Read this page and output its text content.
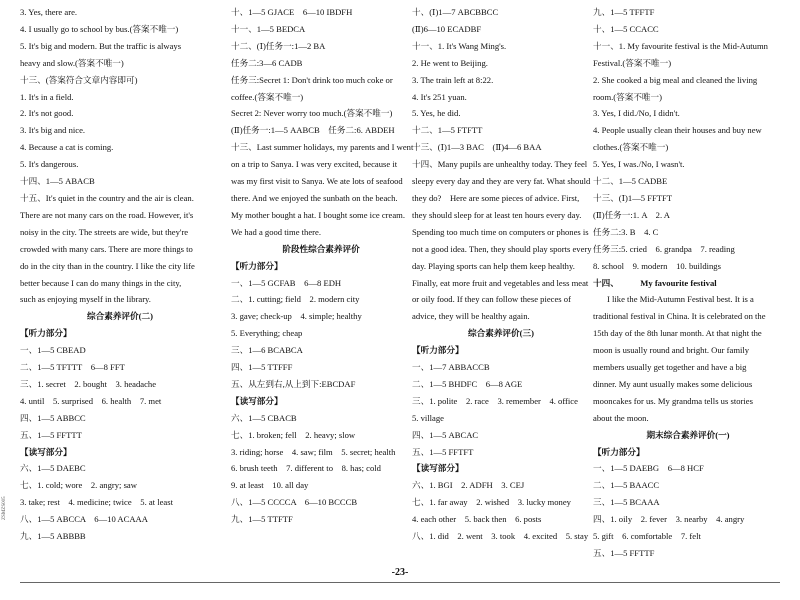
3. Yes, there are.
4. I usually go to school by bus.(答案不唯一)
5. It's big and modern. But the traffic is always
heavy and slow.(答案不唯一)
十三、(答案符合文章内容即可)
1. It's in a field.
2. It's not good.
3. It's big and nice.
4. Because a cat is coming.
5. It's dangerous.
十四、1—5 ABACB
十五、It's quiet in the country and the air is clean.
There are not many cars on the road. However, it's
noisy in the city. The streets are wide, but they're
crowded with many cars. There are more things to
do in the city than in the country. I like the city life
better because I can do many things in the city,
such as enjoying myself in the library.
综合素养评价(二)
【听力部分】
一、1—5 CBEAD
二、1—5 TFTTT　6—8 FFT
三、1. secret　2. bought　3. headache
4. until　5. surprised　6. health　7. met
四、1—5 ABBCC
五、1—5 FFTTT
【读写部分】
六、1—5 DAEBC
七、1. cold; wore　2. angry; saw
3. take; rest　4. medicine; twice　5. at least
八、1—5 ABCCA　6—10 ACAAA
九、1—5 ABBBB
十、1—5 GJACE　6—10 IBDFH
十一、1—5 BEDCA
十二、(Ⅰ)任务一:1—2 BA
任务二:3—6 CADB
任务三:Secret 1: Don't drink too much coke or
coffee.(答案不唯一)
Secret 2: Never worry too much.(答案不唯一)
(Ⅱ)任务一:1—5 AABCB　任务二:6. ABDEH
十三、Last summer holidays, my parents and I went
on a trip to Sanya. I was very excited, because it
was my first visit to Sanya. We ate lots of seafood
there. And we enjoyed the sunbath on the beach.
My mother bought a hat. I bought some ice cream.
We had a good time there.
阶段性综合素养评价
【听力部分】
一、1—5 GCFAB　6—8 EDH
二、1. cutting; field　2. modern city
3. gave; check-up　4. simple; healthy
5. Everything; cheap
三、1—6 BCABCA
四、1—5 TTFFF
五、从左到右,从上到下:EBCDAF
【读写部分】
六、1—5 CBACB
七、1. broken; fell　2. heavy; slow
3. riding; horse　4. saw; film　5. secret; health
6. brush teeth　7. different to　8. has; cold
9. at least　10. all day
八、1—5 CCCCA　6—10 BCCCB
九、1—5 TTFTF
十、(Ⅰ)1—7 ABCBBCC
(Ⅱ)6—10 ECADBF
十一、1. It's Wang Ming's.
2. He went to Beijing.
3. The train left at 8:22.
4. It's 251 yuan.
5. Yes, he did.
十二、1—5 FTFTT
十三、(Ⅰ)1—3 BAC　(Ⅱ)4—6 BAA
十四、Many pupils are unhealthy today. They feel
sleepy every day and they are very fat. What should
they do?　Here are some pieces of advice. First,
they should sleep for at least ten hours every day.
Spending too much time on computers or phones is
not a good idea. Then, they should play sports every
day. Playing sports can help them keep healthy.
Finally, eat more fruit and vegetables and less meat
or oily food. If they can follow these pieces of
advice, they will be healthy again.
综合素养评价(三)
【听力部分】
一、1—7 ABBACCB
二、1—5 BHDFC　6—8 AGE
三、1. polite　2. race　3. remember　4. office
5. village
四、1—5 ABCAC
五、1—5 FFTFT
【读写部分】
六、1. BGI　2. ADFH　3. CEJ
七、1. far away　2. wished　3. lucky money
4. each other　5. back then　6. posts
八、1. did　2. went　3. took　4. excited　5. stay
九、1—5 TFFTF
十、1—5 CCACC
十一、1. My favourite festival is the Mid-Autumn
Festival.(答案不唯一)
2. She cooked a big meal and cleaned the living
room.(答案不唯一)
3. Yes, I did./No, I didn't.
4. People usually clean their houses and buy new
clothes.(答案不唯一)
5. Yes, I was./No, I wasn't.
十二、1—5 CADBE
十三、(Ⅰ)1—5 FFTFT
(Ⅱ)任务一:1. A　2. A
任务二:3. B　4. C
任务三:5. cried　6. grandpa　7. reading
8. school　9. modern　10. buildings
十四、　　　My favourite festival
I like the Mid-Autumn Festival best. It is a
traditional festival in China. It is celebrated on the
15th day of the 8th lunar month. At that night the
moon is usually round and bright. Our family
members usually get together and have a big
dinner. My aunt usually makes some delicious
mooncakes for us. My grandma tells us stories
about the moon.
期末综合素养评价(一)
【听力部分】
一、1—5 DAEBG　6—8 HCF
二、1—5 BAACC
三、1—5 BCAAA
四、1. oily　2. fever　3. nearby　4. angry
5. gift　6. comfortable　7. felt
五、1—5 FFTTF
-23-
ZSMZS005
